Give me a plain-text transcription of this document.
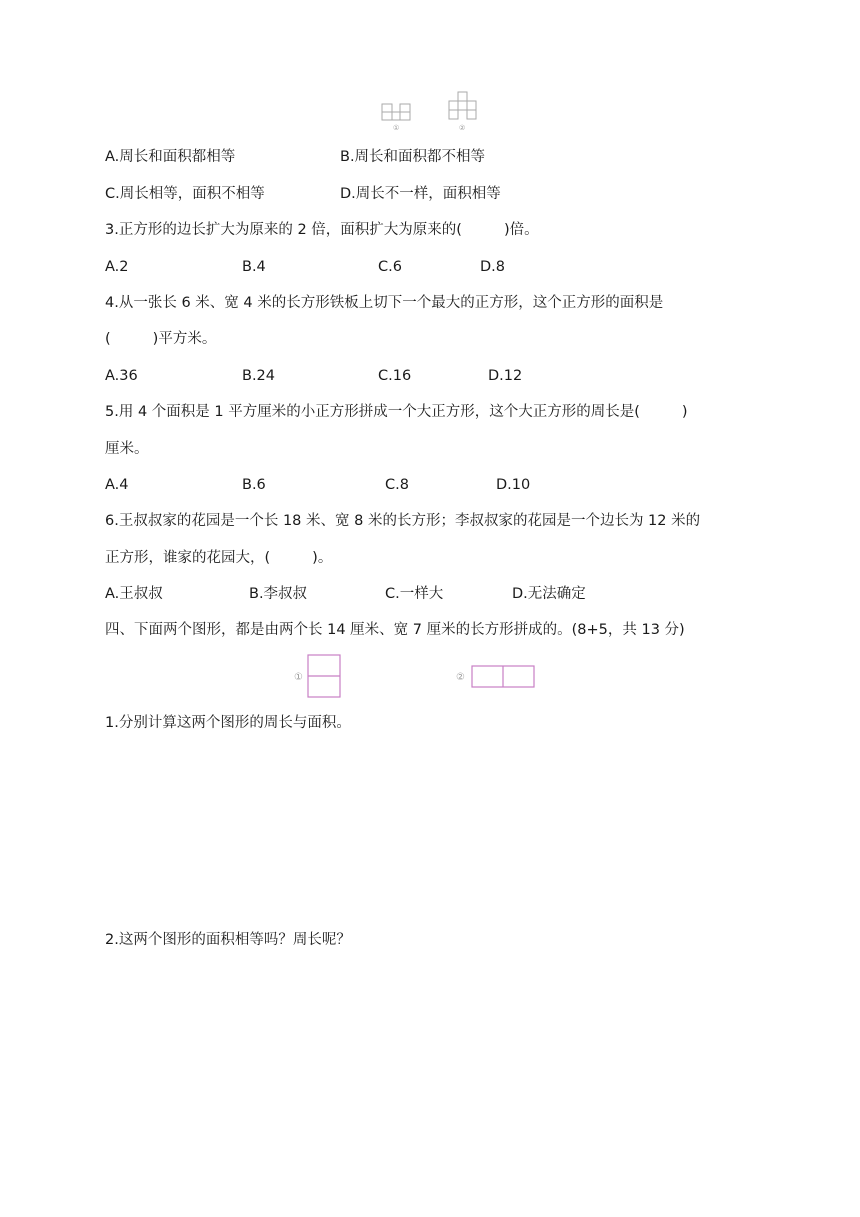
①	②
A.周长和面积都相等	B.周长和面积都不相等
C.周长相等，面积不相等	D.周长不一样，面积相等
3.正方形的边长扩大为原来的 2 倍，面积扩大为原来的(	)倍。
A.2	B.4	C.6	D.8
4.从一张长 6 米、宽 4 米的长方形铁板上切下一个最大的正方形，这个正方形的面积是
(	)平方米。
A.36	B.24	C.16	D.12
5.用 4 个面积是 1 平方厘米的小正方形拼成一个大正方形，这个大正方形的周长是(	)
厘米。
A.4	B.6	C.8	D.10
6.王叔叔家的花园是一个长 18 米、宽 8 米的长方形；李叔叔家的花园是一个边长为 12 米的
正方形，谁家的花园大，(	)。
A.王叔叔	B.李叔叔	C.一样大	D.无法确定
四、下面两个图形，都是由两个长 14 厘米、宽 7 厘米的长方形拼成的。(8+5，共 13 分)
①	②
1.分别计算这两个图形的周长与面积。
2.这两个图形的面积相等吗？周长呢？
